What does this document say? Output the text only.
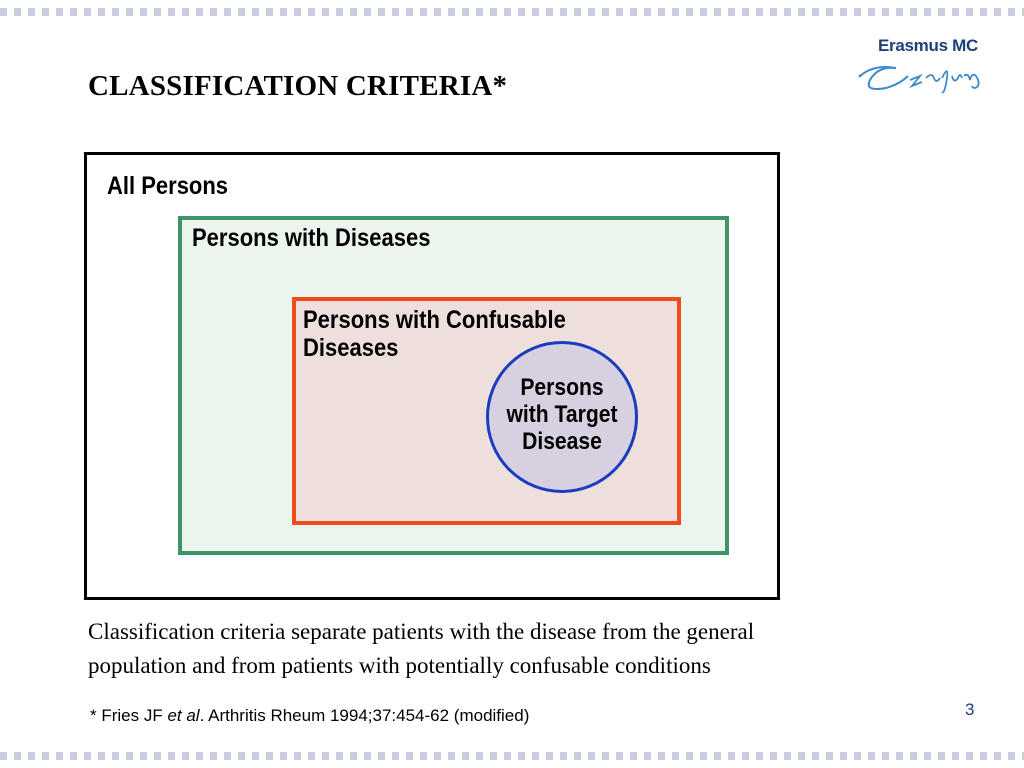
Erasmus MC
CLASSIFICATION CRITERIA*
All Persons
Persons with Diseases
Persons with Confusable
Diseases
Persons
with Target
Disease
Classification criteria separate patients with the disease from the general
population and from patients with potentially confusable conditions
* Fries JF et al. Arthritis Rheum 1994;37:454-62 (modified)	3
